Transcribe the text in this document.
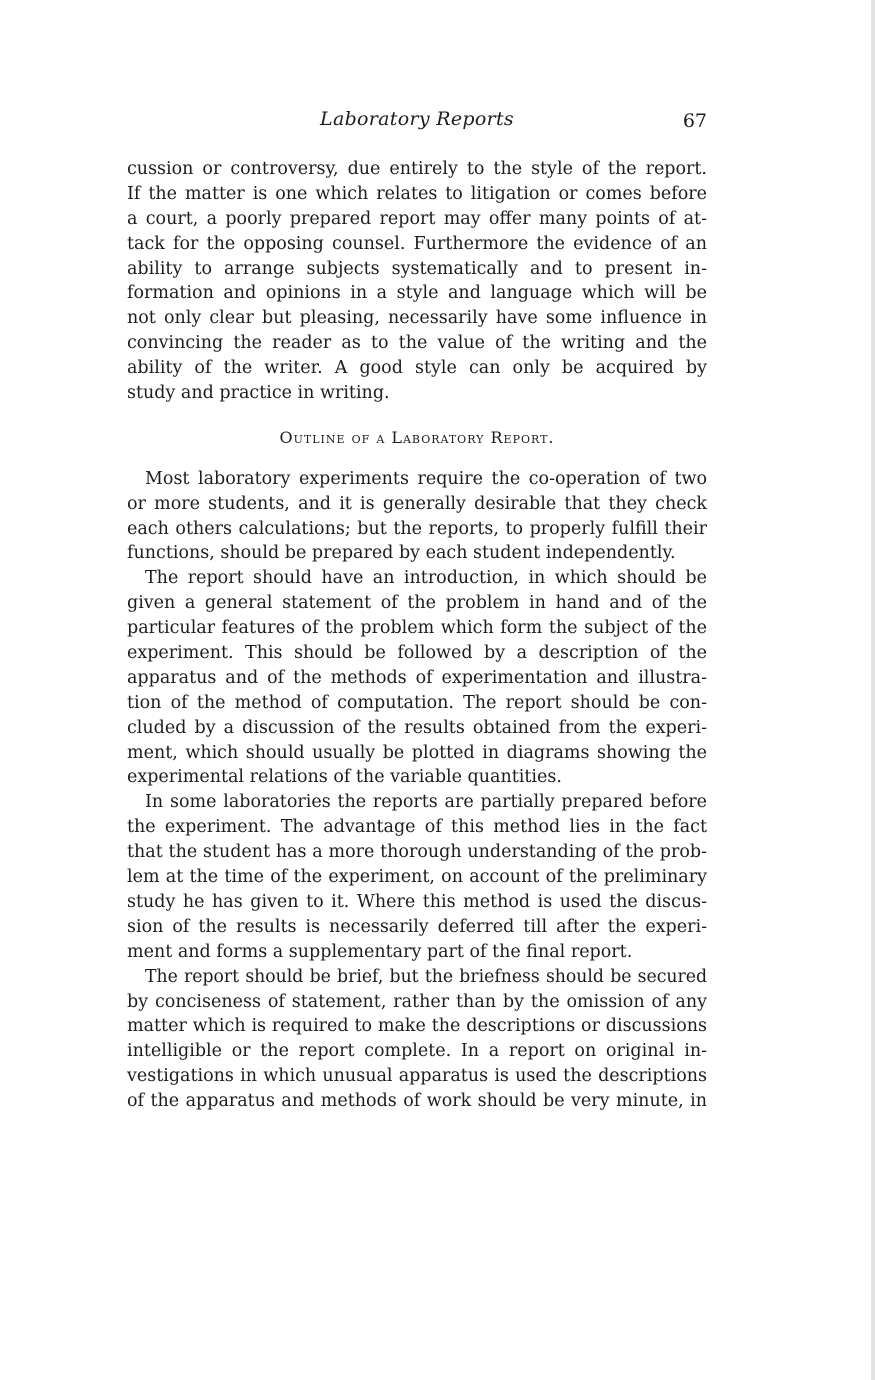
Laboratory Reports	67
cussion or controversy, due entirely to the style of the report.
If the matter is one which relates to litigation or comes before
a court, a poorly prepared report may offer many points of at-
tack for the opposing counsel. Furthermore the evidence of an
ability to arrange subjects systematically and to present in-
formation and opinions in a style and language which will be
not only clear but pleasing, necessarily have some influence in
convincing the reader as to the value of the writing and the
ability of the writer. A good style can only be acquired by
study and practice in writing.
Outline of a Laboratory Report.
Most laboratory experiments require the co-operation of two
or more students, and it is generally desirable that they check
each others calculations; but the reports, to properly fulfill their
functions, should be prepared by each student independently.
The report should have an introduction, in which should be
given a general statement of the problem in hand and of the
particular features of the problem which form the subject of the
experiment. This should be followed by a description of the
apparatus and of the methods of experimentation and illustra-
tion of the method of computation. The report should be con-
cluded by a discussion of the results obtained from the experi-
ment, which should usually be plotted in diagrams showing the
experimental relations of the variable quantities.
In some laboratories the reports are partially prepared before
the experiment. The advantage of this method lies in the fact
that the student has a more thorough understanding of the prob-
lem at the time of the experiment, on account of the preliminary
study he has given to it. Where this method is used the discus-
sion of the results is necessarily deferred till after the experi-
ment and forms a supplementary part of the final report.
The report should be brief, but the briefness should be secured
by conciseness of statement, rather than by the omission of any
matter which is required to make the descriptions or discussions
intelligible or the report complete. In a report on original in-
vestigations in which unusual apparatus is used the descriptions
of the apparatus and methods of work should be very minute, in
